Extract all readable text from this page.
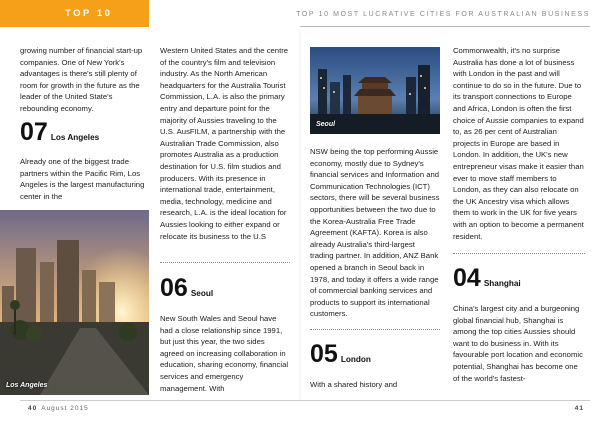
TOP 10	TOP 10 MOST LUCRATIVE CITIES FOR AUSTRALIAN BUSINESS

growing number of financial start-up companies. One of New York's advantages is there's still plenty of room for growth in the future as the leader of the United State's rebounding economy.

07 Los Angeles

Already one of the biggest trade partners within the Pacific Rim, Los Angeles is the largest manufacturing center in the

Los Angeles

Western United States and the centre of the country's film and television industry. As the North American headquarters for the Australia Tourist Commission, L.A. is also the primary entry and departure point for the majority of Aussies traveling to the U.S. AusFILM, a partnership with the Australian Trade Commission, also promotes Australia as a production destination for U.S. film studios and producers. With its presence in international trade, entertainment, media, technology, medicine and research, L.A. is the ideal location for Aussies looking to either expand or relocate its business to the U.S

06 Seoul

New South Wales and Seoul have had a close relationship since 1991, but just this year, the two sides agreed on increasing collaboration in education, sharing economy, financial services and emergency management. With

Seoul

NSW being the top performing Aussie economy, mostly due to Sydney's financial services and Information and Communication Technologies (ICT) sectors, there will be several business opportunities between the two due to the Korea-Australia Free Trade Agreement (KAFTA). Korea is also already Australia's third-largest trading partner. In addition, ANZ Bank opened a branch in Seoul back in 1978, and today it offers a wide range of commercial banking services and products to support its international customers.

05 London

With a shared history and

Commonwealth, it's no surprise Australia has done a lot of business with London in the past and will continue to do so in the future. Due to its transport connections to Europe and Africa, London is often the first choice of Aussie companies to expand to, as 26 per cent of Australian projects in Europe are based in London. In addition, the UK's new entrepreneur visas make it easier than ever to move staff members to London, as they can also relocate on the UK Ancestry visa which allows them to work in the UK for five years with an option to become a permanent resident.

04 Shanghai

China's largest city and a burgeoning global financial hub, Shanghai is among the top cities Aussies should want to do business in. With its favourable port location and economic potential, Shanghai has become one of the world's fastest-

40 August 2015	41
